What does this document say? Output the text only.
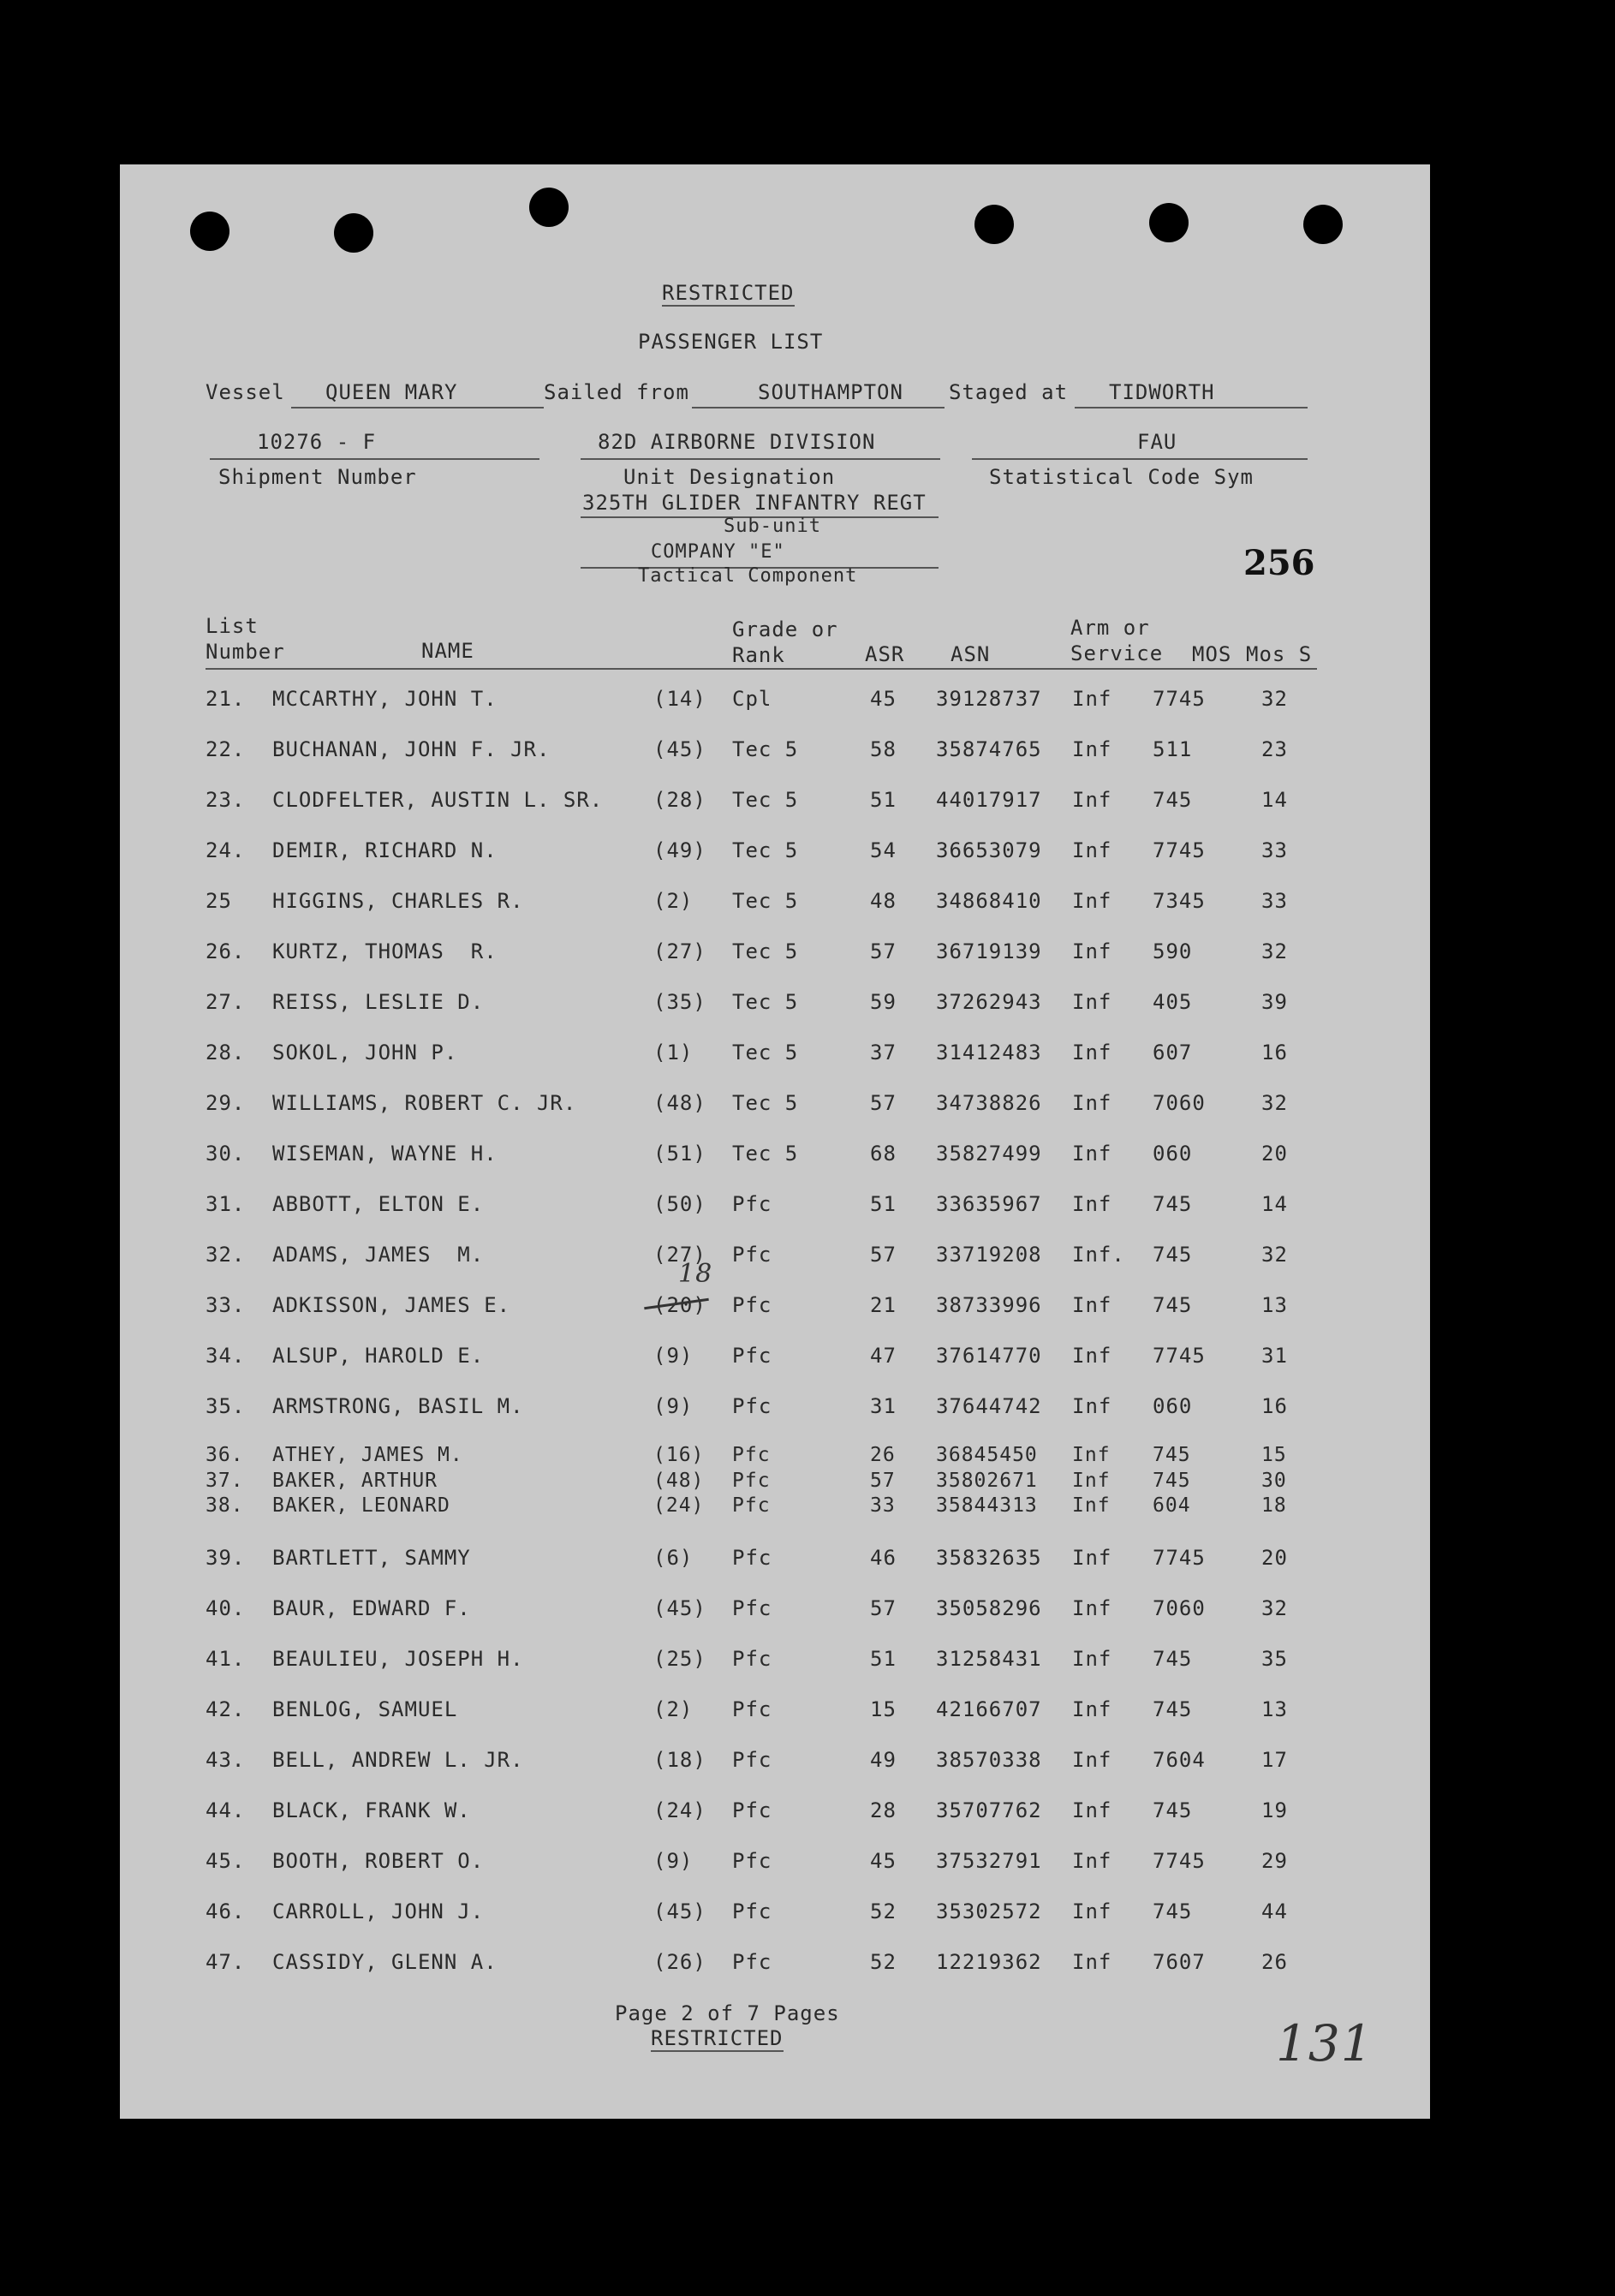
RESTRICTED
PASSENGER LIST
Vessel QUEEN MARY	Sailed from	SOUTHAMPTON Staged at TIDWORTH
10276 - F	82D AIRBORNE DIVISION	FAU
Shipment Number	Unit Designation	Statistical Code Sym
325TH GLIDER INFANTRY REGT
Sub-unit
COMPANY "E"
Tactical Component	256
List
Number	NAME
Grade or
Rank	ASR ASN
Arm or
Service MOS Mos S
21. MCCARTHY, JOHN T.	(14) Cpl	45 39128737 Inf 7745	32
22. BUCHANAN, JOHN F. JR.	(45) Tec 5	58 35874765 Inf 511	23
23. CLODFELTER, AUSTIN L. SR. (28) Tec 5	51 44017917 Inf 745	14
24. DEMIR, RICHARD N.	(49) Tec 5	54 36653079 Inf 7745	33
25 HIGGINS, CHARLES R.	(2) Tec 5	48 34868410 Inf 7345	33
26. KURTZ, THOMAS  R.	(27) Tec 5	57 36719139 Inf 590	32
27. REISS, LESLIE D.	(35) Tec 5	59 37262943 Inf 405	39
28. SOKOL, JOHN P.	(1) Tec 5	37 31412483 Inf 607	16
29. WILLIAMS, ROBERT C. JR.	(48) Tec 5	57 34738826 Inf 7060	32
30. WISEMAN, WAYNE H.	(51) Tec 5	68 35827499 Inf 060	20
31. ABBOTT, ELTON E.	(50) Pfc	51 33635967 Inf 745	14
32. ADAMS, JAMES  M.	(27) Pfc	57 33719208 Inf. 745	32
33. ADKISSON, JAMES E.	(20) Pfc	21 38733996 Inf 745	13
34. ALSUP, HAROLD E.	(9) Pfc	47 37614770 Inf 7745	31
35. ARMSTRONG, BASIL M.	(9) Pfc	31 37644742 Inf 060	16
36. ATHEY, JAMES M.	(16) Pfc	26 36845450 Inf 745	15
37. BAKER, ARTHUR	(48) Pfc	57 35802671 Inf 745	30
38. BAKER, LEONARD	(24) Pfc	33 35844313 Inf 604	18
39. BARTLETT, SAMMY	(6) Pfc	46 35832635 Inf 7745	20
40. BAUR, EDWARD F.	(45) Pfc	57 35058296 Inf 7060	32
41. BEAULIEU, JOSEPH H.	(25) Pfc	51 31258431 Inf 745	35
42. BENLOG, SAMUEL	(2) Pfc	15 42166707 Inf 745	13
43. BELL, ANDREW L. JR.	(18) Pfc	49 38570338 Inf 7604	17
44. BLACK, FRANK W.	(24) Pfc	28 35707762 Inf 745	19
45. BOOTH, ROBERT O.	(9) Pfc	45 37532791 Inf 7745	29
46. CARROLL, JOHN J.	(45) Pfc	52 35302572 Inf 745	44
47. CASSIDY, GLENN A.	(26) Pfc	52 12219362 Inf 7607	26
18
Page 2 of 7 Pages
RESTRICTED	131
